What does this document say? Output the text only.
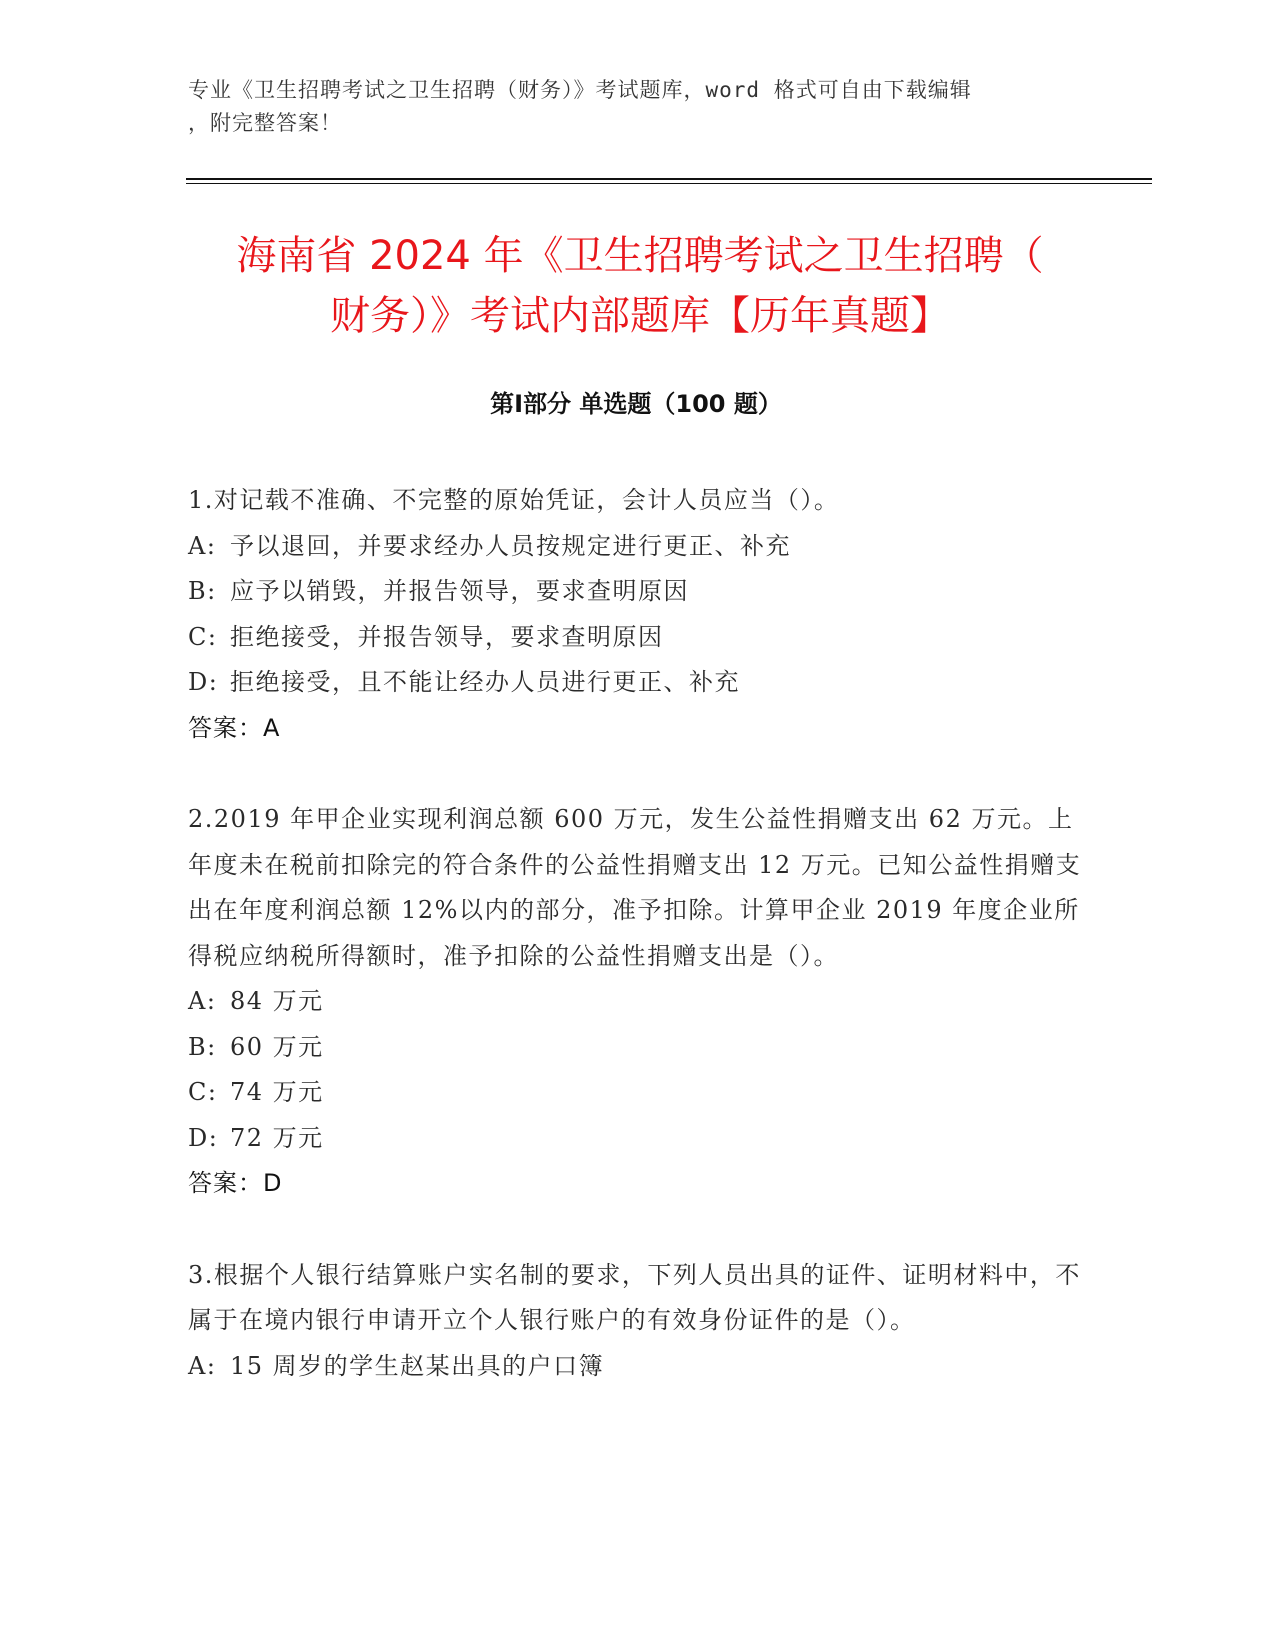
专业《卫生招聘考试之卫生招聘（财务）》考试题库，word 格式可自由下载编辑
，附完整答案！
海南省 2024 年《卫生招聘考试之卫生招聘（
财务）》考试内部题库【历年真题】
第Ⅰ部分 单选题（100 题）

1.对记载不准确、不完整的原始凭证，会计人员应当（）。

A: 予以退回，并要求经办人员按规定进行更正、补充

B: 应予以销毁，并报告领导，要求查明原因

C: 拒绝接受，并报告领导，要求查明原因

D: 拒绝接受，且不能让经办人员进行更正、补充

答案：A

2.2019 年甲企业实现利润总额 600 万元，发生公益性捐赠支出 62 万元。上年度未在税前扣除完的符合条件的公益性捐赠支出 12 万元。已知公益性捐赠支出在年度利润总额 12%以内的部分，准予扣除。计算甲企业 2019 年度企业所得税应纳税所得额时，准予扣除的公益性捐赠支出是（）。

A: 84 万元

B: 60 万元

C: 74 万元

D: 72 万元

答案：D

3.根据个人银行结算账户实名制的要求，下列人员出具的证件、证明材料中，不属于在境内银行申请开立个人银行账户的有效身份证件的是（）。

A: 15 周岁的学生赵某出具的户口簿
